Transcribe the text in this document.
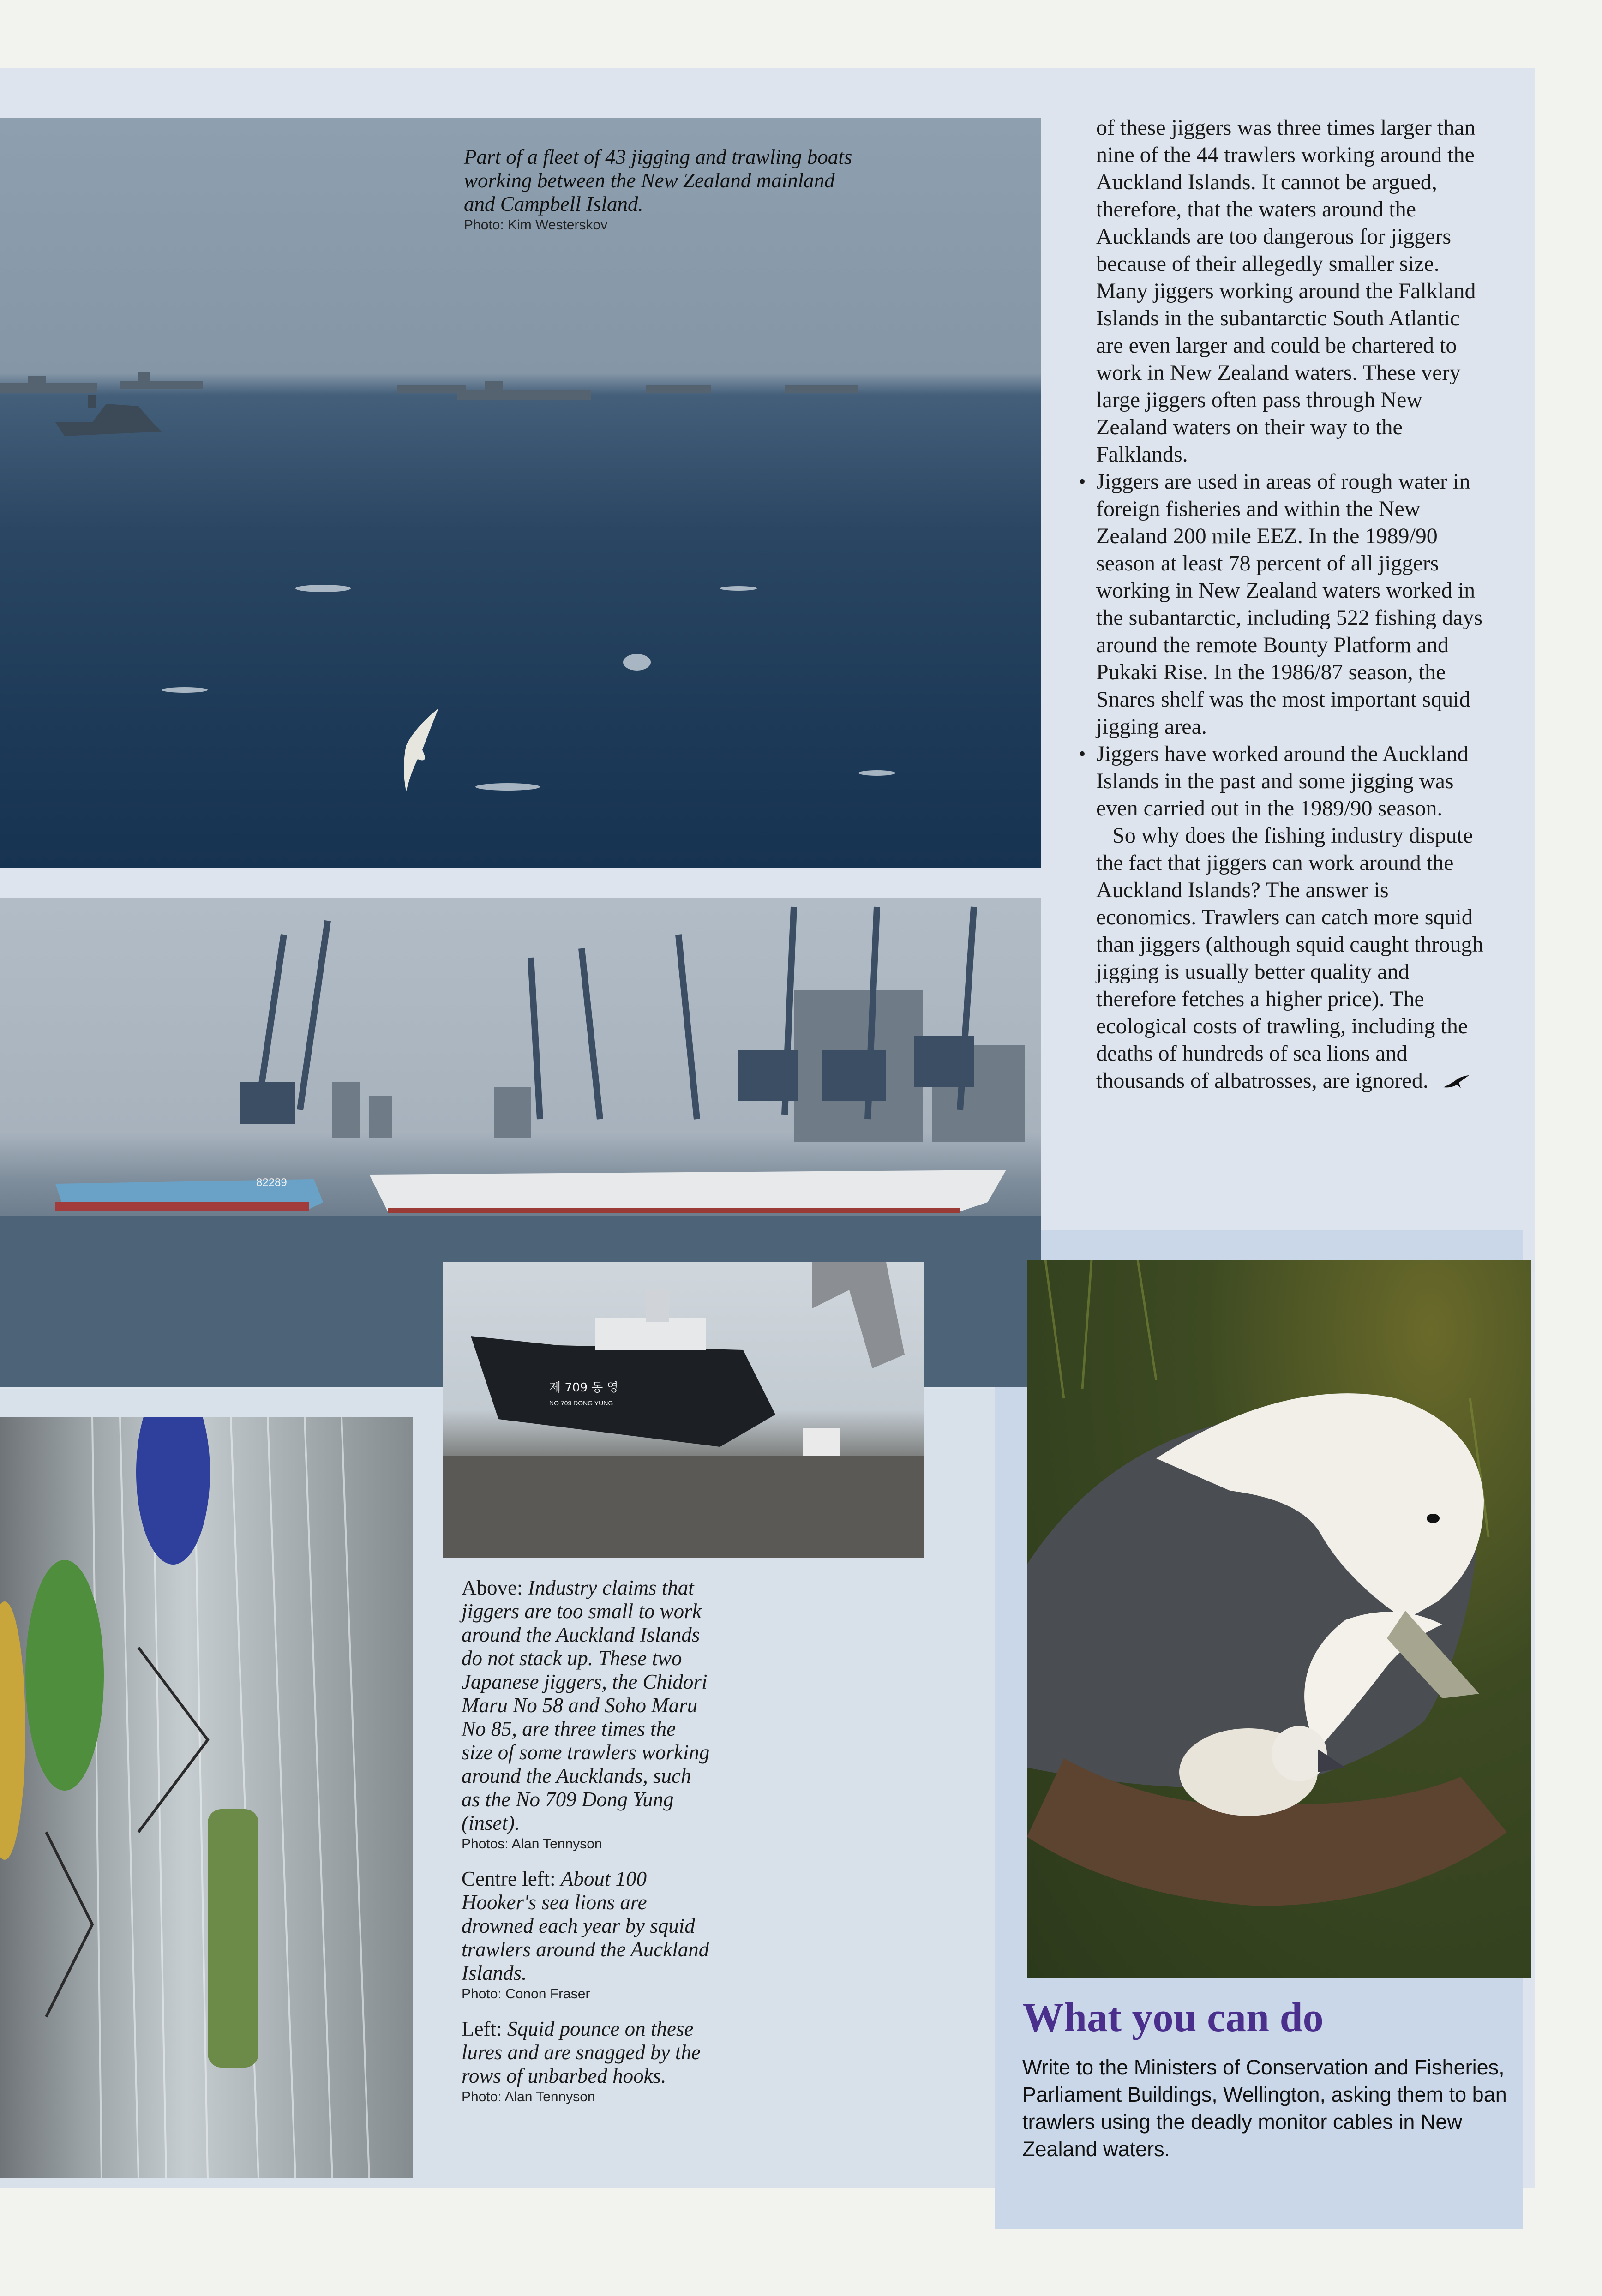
Part of a fleet of 43 jigging and trawling boats working between the New Zealand mainland and Campbell Island.
Photo: Kim Westerskov
82289
제 709 동 영
NO 709 DONG YUNG

Above: Industry claims that jiggers are too small to work around the Auckland Islands do not stack up. These two Japanese jiggers, the Chidori Maru No 58 and Soho Maru No 85, are three times the size of some trawlers working around the Aucklands, such as the No 709 Dong Yung (inset).
Photos: Alan Tennyson

Centre left: About 100 Hooker's sea lions are drowned each year by squid trawlers around the Auckland Islands.
Photo: Conon Fraser

Left: Squid pounce on these lures and are snagged by the rows of unbarbed hooks.
Photo: Alan Tennyson

of these jiggers was three times larger than nine of the 44 trawlers working around the Auckland Islands. It cannot be argued, therefore, that the waters around the Aucklands are too dangerous for jiggers because of their allegedly smaller size. Many jiggers working around the Falkland Islands in the subantarctic South Atlantic are even larger and could be chartered to work in New Zealand waters. These very large jiggers often pass through New Zealand waters on their way to the Falklands.

• Jiggers are used in areas of rough water in foreign fisheries and within the New Zealand 200 mile EEZ. In the 1989/90 season at least 78 percent of all jiggers working in New Zealand waters worked in the subantarctic, including 522 fishing days around the remote Bounty Platform and Pukaki Rise. In the 1986/87 season, the Snares shelf was the most important squid jigging area.

• Jiggers have worked around the Auckland Islands in the past and some jigging was even carried out in the 1989/90 season.

So why does the fishing industry dispute the fact that jiggers can work around the Auckland Islands? The answer is economics. Trawlers can catch more squid than jiggers (although squid caught through jigging is usually better quality and therefore fetches a higher price). The ecological costs of trawling, including the deaths of hundreds of sea lions and thousands of albatrosses, are ignored.

What you can do

Write to the Ministers of Conservation and Fisheries, Parliament Buildings, Wellington, asking them to ban trawlers using the deadly monitor cables in New Zealand waters.
